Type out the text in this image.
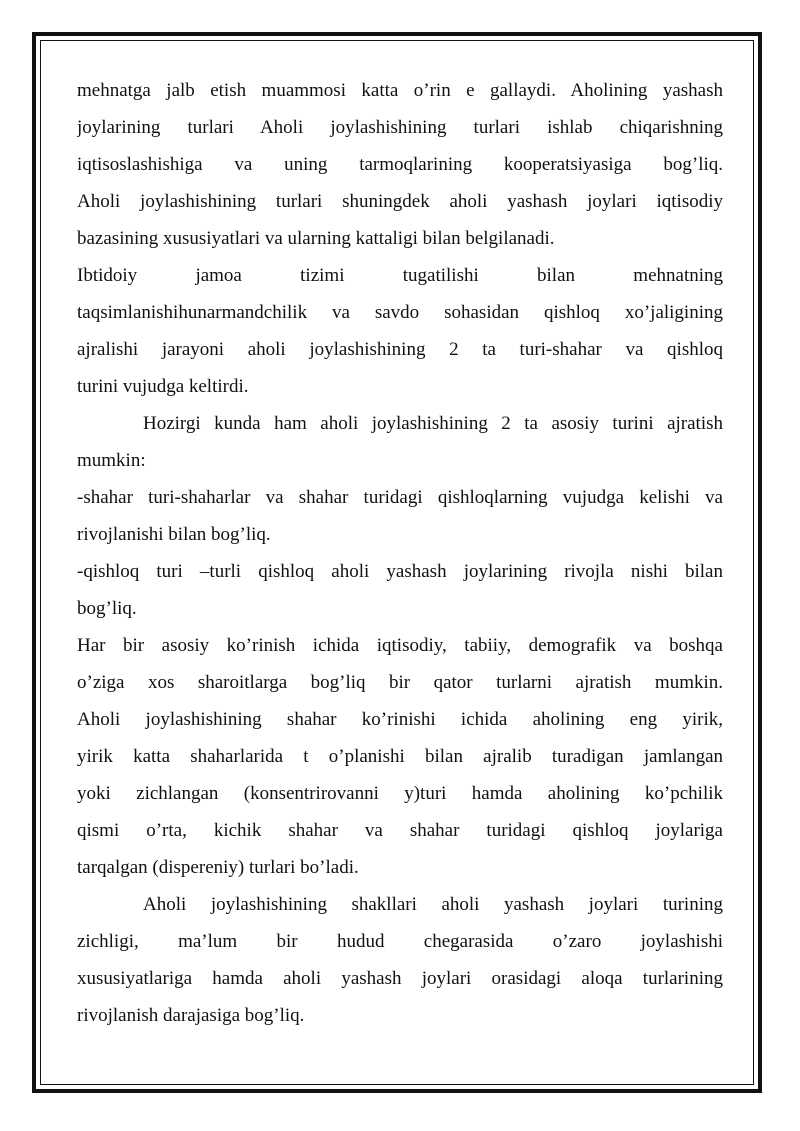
mehnatga jalb etish muammosi katta o’rin e gallaydi. Aholining yashash
joylarining turlari Aholi joylashishining turlari ishlab chiqarishning
iqtisoslashishiga va uning tarmoqlarining kooperatsiyasiga bog’liq.
Aholi joylashishining turlari shuningdek aholi yashash joylari iqtisodiy
bazasining xususiyatlari va ularning kattaligi bilan belgilanadi.
Ibtidoiy jamoa tizimi tugatilishi bilan mehnatning
taqsimlanishihunarmandchilik va savdo sohasidan qishloq xo’jaligining
ajralishi jarayoni aholi joylashishining 2 ta turi-shahar va qishloq
turini vujudga keltirdi.
Hozirgi kunda ham aholi joylashishining 2 ta asosiy turini ajratish
mumkin:
-shahar turi-shaharlar va shahar turidagi qishloqlarning vujudga kelishi va
rivojlanishi bilan bog’liq.
-qishloq turi –turli qishloq aholi yashash joylarining rivojla nishi bilan
bog’liq.
Har bir asosiy ko’rinish ichida iqtisodiy, tabiiy, demografik va boshqa
o’ziga xos sharoitlarga bog’liq bir qator turlarni ajratish mumkin.
Aholi joylashishining shahar ko’rinishi ichida aholining eng yirik,
yirik katta shaharlarida t o’planishi bilan ajralib turadigan jamlangan
yoki zichlangan (konsentrirovanni y)turi hamda aholining ko’pchilik
qismi o’rta, kichik shahar va shahar turidagi qishloq joylariga
tarqalgan (dispereniy) turlari bo’ladi.
Aholi joylashishining shakllari aholi yashash joylari turining
zichligi, ma’lum bir hudud chegarasida o’zaro joylashishi
xususiyatlariga hamda aholi yashash joylari orasidagi aloqa turlarining
rivojlanish darajasiga bog’liq.
